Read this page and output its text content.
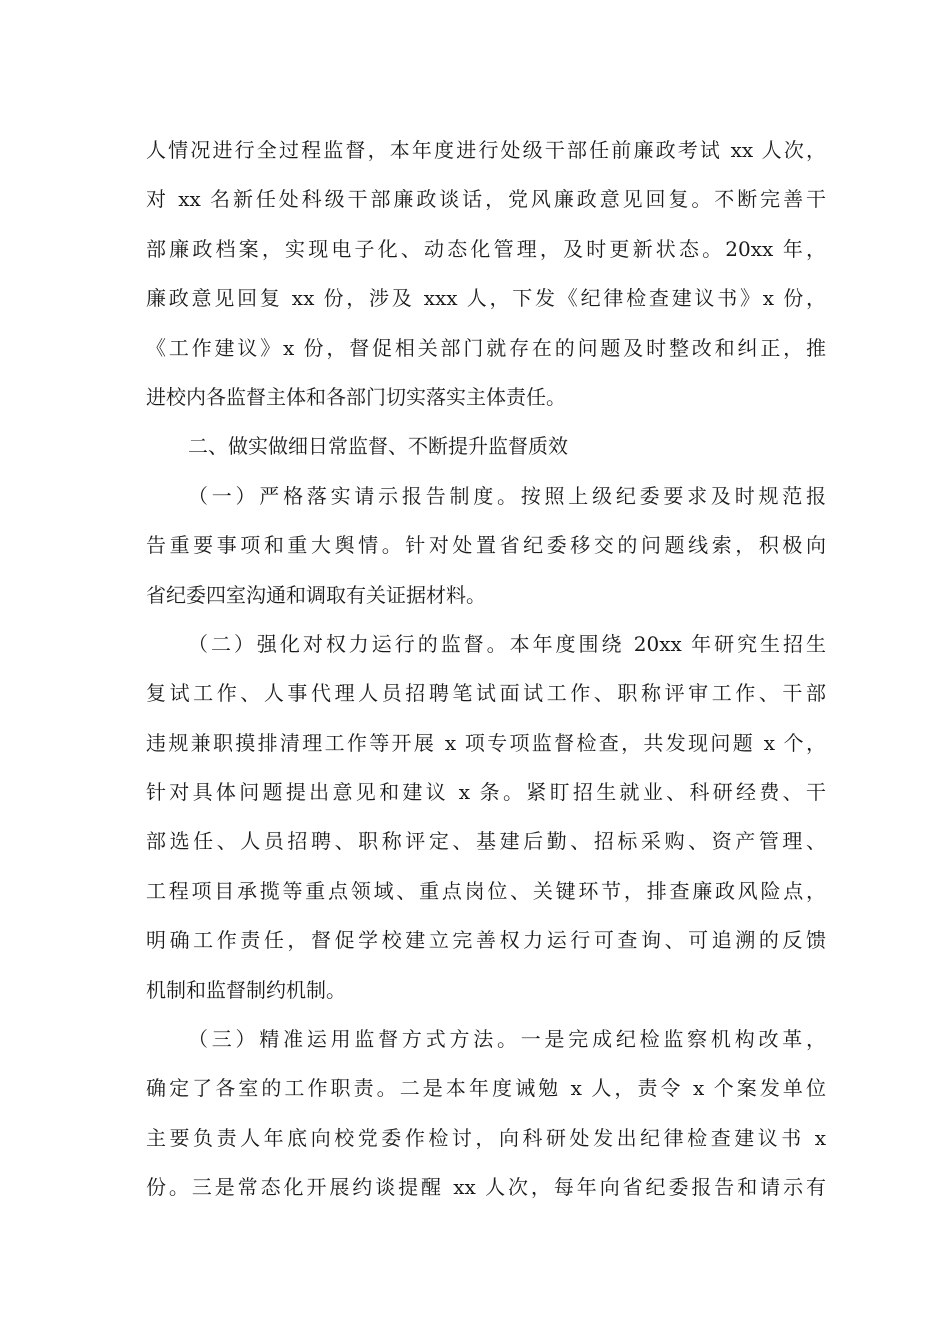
人情况进行全过程监督，本年度进行处级干部任前廉政考试 xx 人次，
对 xx 名新任处科级干部廉政谈话，党风廉政意见回复。不断完善干
部廉政档案，实现电子化、动态化管理，及时更新状态。20xx 年，
廉政意见回复 xx 份，涉及 xxx 人，下发《纪律检查建议书》x 份，
《工作建议》x 份，督促相关部门就存在的问题及时整改和纠正，推
进校内各监督主体和各部门切实落实主体责任。
二、做实做细日常监督、不断提升监督质效
（一）严格落实请示报告制度。按照上级纪委要求及时规范报
告重要事项和重大舆情。针对处置省纪委移交的问题线索，积极向
省纪委四室沟通和调取有关证据材料。
（二）强化对权力运行的监督。本年度围绕 20xx 年研究生招生
复试工作、人事代理人员招聘笔试面试工作、职称评审工作、干部
违规兼职摸排清理工作等开展 x 项专项监督检查，共发现问题 x 个，
针对具体问题提出意见和建议 x 条。紧盯招生就业、科研经费、干
部选任、人员招聘、职称评定、基建后勤、招标采购、资产管理、
工程项目承揽等重点领域、重点岗位、关键环节，排查廉政风险点，
明确工作责任，督促学校建立完善权力运行可查询、可追溯的反馈
机制和监督制约机制。
（三）精准运用监督方式方法。一是完成纪检监察机构改革，
确定了各室的工作职责。二是本年度诫勉 x 人，责令 x 个案发单位
主要负责人年底向校党委作检讨，向科研处发出纪律检查建议书 x
份。三是常态化开展约谈提醒 xx 人次，每年向省纪委报告和请示有
